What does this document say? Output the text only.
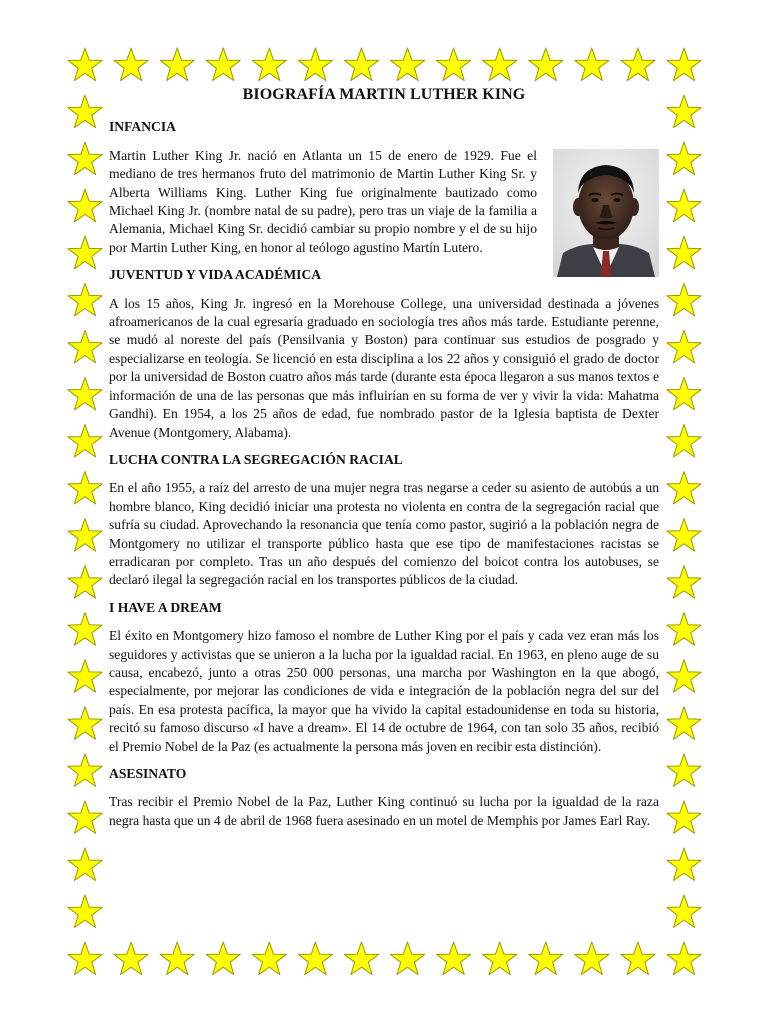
BIOGRAFÍA MARTIN LUTHER KING
INFANCIA

Martin Luther King Jr. nació en Atlanta un 15 de enero de 1929. Fue el mediano de tres hermanos fruto del matrimonio de Martin Luther King Sr. y Alberta Williams King. Luther King fue originalmente bautizado como Michael King Jr. (nombre natal de su padre), pero tras un viaje de la familia a Alemania, Michael King Sr. decidió cambiar su propio nombre y el de su hijo por Martin Luther King, en honor al teólogo agustino Martín Lutero.

JUVENTUD Y VIDA ACADÉMICA

A los 15 años, King Jr. ingresó en la Morehouse College, una universidad destinada a jóvenes afroamericanos de la cual egresaría graduado en sociología tres años más tarde. Estudiante perenne, se mudó al noreste del país (Pensilvania y Boston) para continuar sus estudios de posgrado y especializarse en teología. Se licenció en esta disciplina a los 22 años y consiguió el grado de doctor por la universidad de Boston cuatro años más tarde (durante esta época llegaron a sus manos textos e información de una de las personas que más influirían en su forma de ver y vivir la vida: Mahatma Gandhi). En 1954, a los 25 años de edad, fue nombrado pastor de la Iglesia baptista de Dexter Avenue (Montgomery, Alabama).

LUCHA CONTRA LA SEGREGACIÓN RACIAL

En el año 1955, a raíz del arresto de una mujer negra tras negarse a ceder su asiento de autobús a un hombre blanco, King decidió iniciar una protesta no violenta en contra de la segregación racial que sufría su ciudad. Aprovechando la resonancia que tenía como pastor, sugirió a la población negra de Montgomery no utilizar el transporte público hasta que ese tipo de manifestaciones racistas se erradicaran por completo. Tras un año después del comienzo del boicot contra los autobuses, se declaró ilegal la segregación racial en los transportes públicos de la ciudad.

I HAVE A DREAM

El éxito en Montgomery hizo famoso el nombre de Luther King por el país y cada vez eran más los seguidores y activistas que se unieron a la lucha por la igualdad racial. En 1963, en pleno auge de su causa, encabezó, junto a otras 250 000 personas, una marcha por Washington en la que abogó, especialmente, por mejorar las condiciones de vida e integración de la población negra del sur del país. En esa protesta pacífica, la mayor que ha vivido la capital estadounidense en toda su historia, recitó su famoso discurso «I have a dream». El 14 de octubre de 1964, con tan solo 35 años, recibió el Premio Nobel de la Paz (es actualmente la persona más joven en recibir esta distinción).

ASESINATO

Tras recibir el Premio Nobel de la Paz, Luther King continuó su lucha por la igualdad de la raza negra hasta que un 4 de abril de 1968 fuera asesinado en un motel de Memphis por James Earl Ray.
